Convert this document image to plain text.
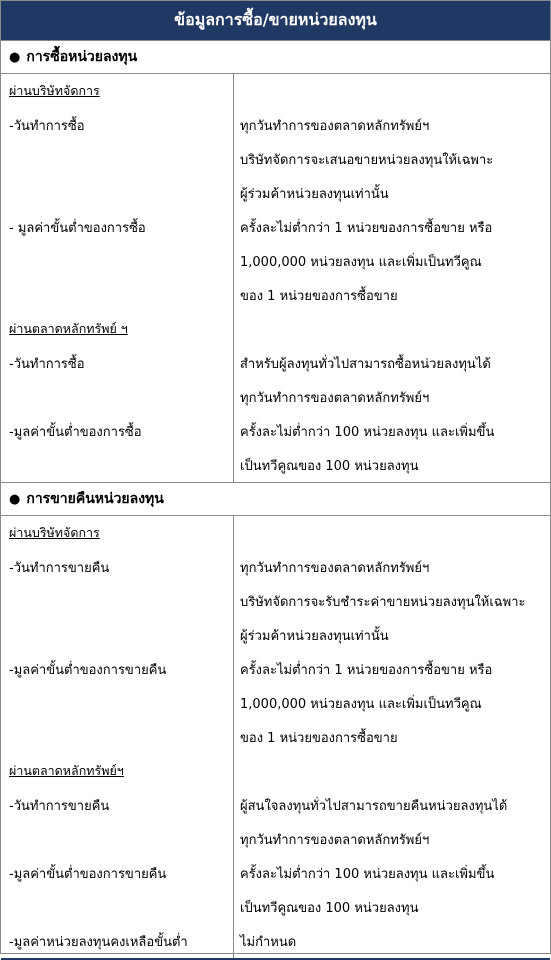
ข้อมูลการซื้อ/ขายหน่วยลงทุน
● การซื้อหน่วยลงทุน
ผ่านบริษัทจัดการ
-วันทำการซื้อ
- มูลค่าขั้นต่ำของการซื้อ
ผ่านตลาดหลักทรัพย์ ฯ
-วันทำการซื้อ
-มูลค่าขั้นต่ำของการซื้อ
ทุกวันทำการของตลาดหลักทรัพย์ฯ
บริษัทจัดการจะเสนอขายหน่วยลงทุนให้เฉพาะ
ผู้ร่วมค้าหน่วยลงทุนเท่านั้น
ครั้งละไม่ต่ำกว่า 1 หน่วยของการซื้อขาย หรือ
1,000,000 หน่วยลงทุน และเพิ่มเป็นทวีคูณ
ของ 1 หน่วยของการซื้อขาย
สำหรับผู้ลงทุนทั่วไปสามารถซื้อหน่วยลงทุนได้
ทุกวันทำการของตลาดหลักทรัพย์ฯ
ครั้งละไม่ต่ำกว่า 100 หน่วยลงทุน และเพิ่มขึ้น
เป็นทวีคูณของ 100 หน่วยลงทุน
● การขายคืนหน่วยลงทุน
ผ่านบริษัทจัดการ
-วันทำการขายคืน
-มูลค่าขั้นต่ำของการขายคืน
ผ่านตลาดหลักทรัพย์ฯ
-วันทำการขายคืน
-มูลค่าขั้นต่ำของการขายคืน
-มูลค่าหน่วยลงทุนคงเหลือขั้นต่ำ
ทุกวันทำการของตลาดหลักทรัพย์ฯ
บริษัทจัดการจะรับชำระค่าขายหน่วยลงทุนให้เฉพาะ
ผู้ร่วมค้าหน่วยลงทุนเท่านั้น
ครั้งละไม่ต่ำกว่า 1 หน่วยของการซื้อขาย หรือ
1,000,000 หน่วยลงทุน และเพิ่มเป็นทวีคูณ
ของ 1 หน่วยของการซื้อขาย
ผู้สนใจลงทุนทั่วไปสามารถขายคืนหน่วยลงทุนได้
ทุกวันทำการของตลาดหลักทรัพย์ฯ
ครั้งละไม่ต่ำกว่า 100 หน่วยลงทุน และเพิ่มขึ้น
เป็นทวีคูณของ 100 หน่วยลงทุน
ไม่กำหนด
